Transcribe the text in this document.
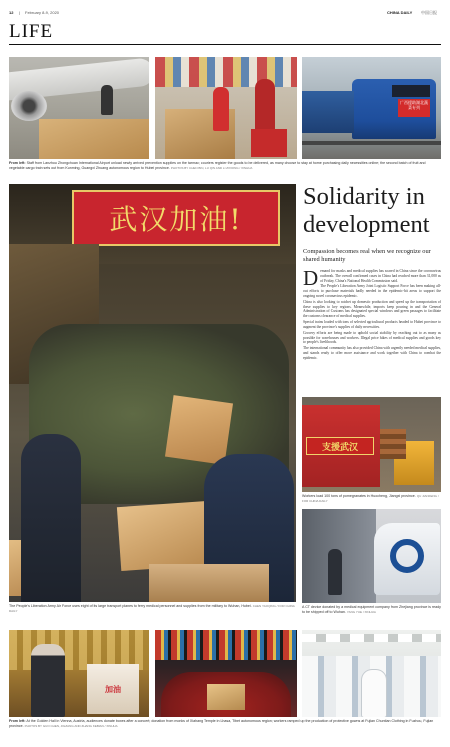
12 | February 8-9, 2020	CHINA DAILY 中国日报
LIFE
广西援助湖北蔬菜专列
From left: Staff from Lanzhou Zhongchuan International Airport unload newly arrived prevention supplies on the tarmac; couriers register the goods to be delivered, as many choose to stay at home purchasing daily necessities online; the second batch of fruit and vegetable cargo train sets out from Kunming, Guangxi Zhuang autonomous region to Hubei province. PHOTOS BY CHEN BIN, LU QIN AND LI ZIXIONG / XINHUA
武汉加油!
The People's Liberation Army Air Force uses eight of its large transport planes to ferry medical personnel and supplies from the military to Wuhan, Hubei. CHEN YAOQING / FOR CHINA DAILY
Solidarity in development
Compassion becomes real when we recognize our shared humanity
D emand for masks and medical supplies has soared in China since the coronavirus outbreak. The overall confirmed cases in China had reached more than 31,000 as of Friday, China's National Health Commission said.

The People's Liberation Army Joint Logistic Support Force has been making all-out efforts to purchase materials badly needed in the epidemic-hit areas to support the ongoing novel coronavirus epidemic.

China is also looking to ratchet up domestic production and speed up the transportation of these supplies to key regions. Meanwhile, imports keep pouring in and the General Administration of Customs has designated special windows and green passages to facilitate the customs clearance of medical supplies.

Special trains loaded with tons of selected agricultural products headed to Hubei province to augment the province's supplies of daily necessities.

Grocery efforts are being made to uphold social stability by reaching out to as many as possible for warehouses and workers. Illegal price hikes of medical supplies and goods key to people's livelihoods.

The international community has also provided China with urgently needed medical supplies, and stands ready to offer more assistance and work together with China to combat the epidemic.

支援武汉
Workers load 100 tons of pomegranates in Huocheng, Jiangxi province. QU JIANFENG / FOR CHINA DAILY
A CT device donated by a medical equipment company from Zhejiang province is ready to be shipped off to Wuhan. YANG YUE / XINHUA
加油
From left: At the Golden Hall in Vienna, Austria, audiences donate boxes after a concert; donation from monks of Xiahang Temple in Lhasa, Tibet autonomous region; workers ramped up the production of protective gowns at Fujian Chuntian Clothing in Fuzhou, Fujian province. PHOTOS BY GUO CHEN, JIGZANG AND ZHANG KEBIAN / XINHUA
